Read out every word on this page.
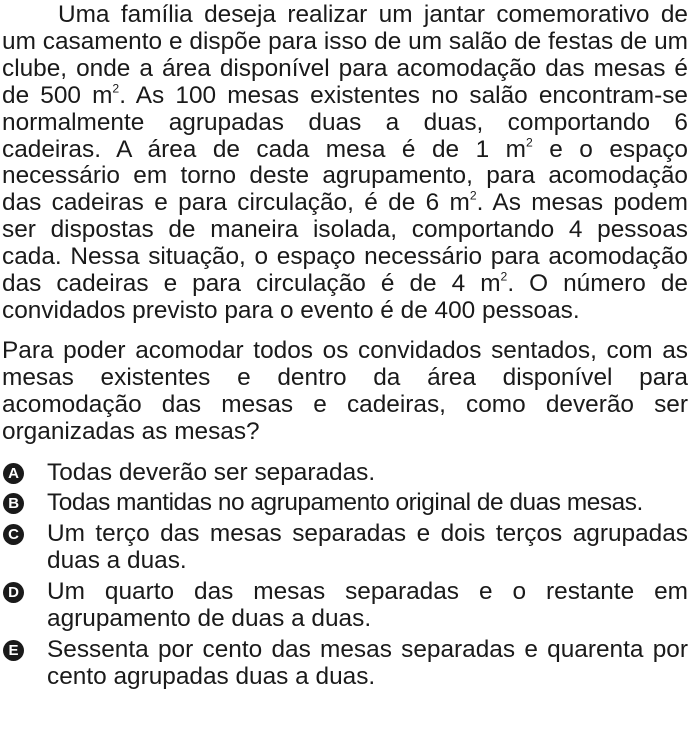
Uma família deseja realizar um jantar comemorativo de um casamento e dispõe para isso de um salão de festas de um clube, onde a área disponível para acomodação das mesas é de 500 $m^2$. As 100 mesas existentes no salão encontram-se normalmente agrupadas duas a duas, comportando 6 cadeiras. A área de cada mesa é de 1 $m^2$ e o espaço necessário em torno deste agrupamento, para acomodação das cadeiras e para circulação, é de 6 $m^2$. As mesas podem ser dispostas de maneira isolada, comportando 4 pessoas cada. Nessa situação, o espaço necessário para acomodação das cadeiras e para circulação é de 4 $m^2$. O número de convidados previsto para o evento é de 400 pessoas.

Para poder acomodar todos os convidados sentados, com as mesas existentes e dentro da área disponível para acomodação das mesas e cadeiras, como deverão ser organizadas as mesas?

A Todas deverão ser separadas.
B Todas mantidas no agrupamento original de duas mesas.
C Um terço das mesas separadas e dois terços agrupadas duas a duas.
D Um quarto das mesas separadas e o restante em agrupamento de duas a duas.
E Sessenta por cento das mesas separadas e quarenta por cento agrupadas duas a duas.
